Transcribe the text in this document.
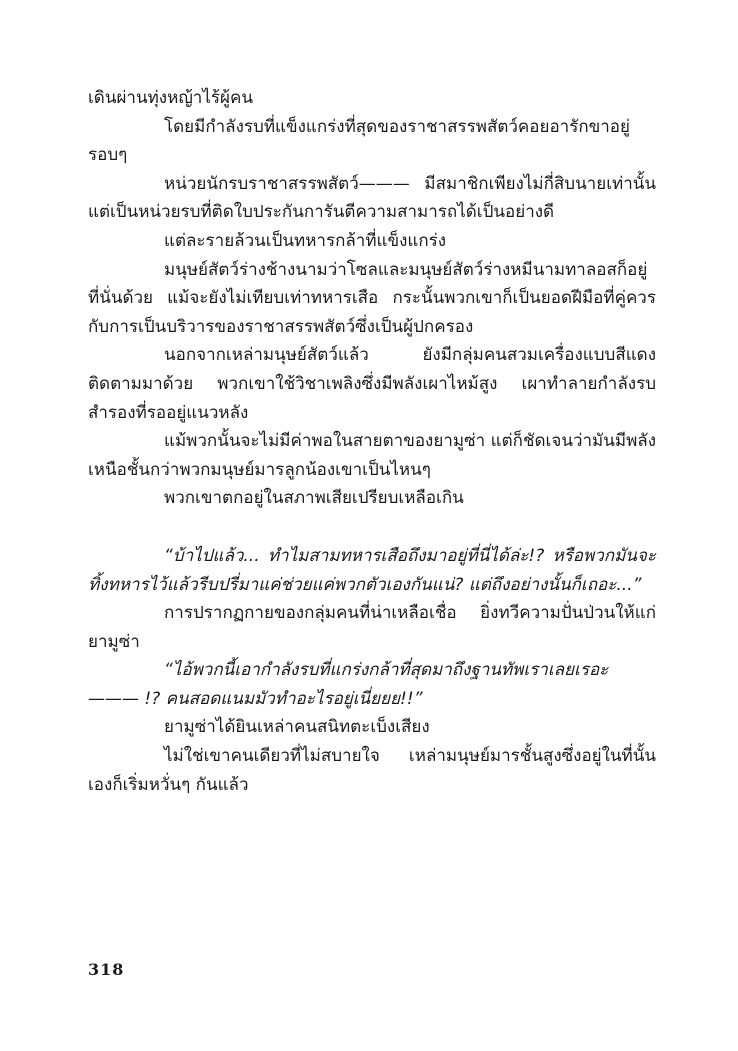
เดินผ่านทุ่งหญ้าไร้ผู้คน

โดยมีกำลังรบที่แข็งแกร่งที่สุดของราชาสรรพสัตว์คอยอารักขาอยู่รอบๆ

หน่วยนักรบราชาสรรพสัตว์——— มีสมาชิกเพียงไม่กี่สิบนายเท่านั้น แต่เป็นหน่วยรบที่ติดใบประกันการันตีความสามารถได้เป็นอย่างดี

แต่ละรายล้วนเป็นทหารกล้าที่แข็งแกร่ง

มนุษย์สัตว์ร่างช้างนามว่าโซลและมนุษย์สัตว์ร่างหมีนามทาลอสก็อยู่ที่นั่นด้วย แม้จะยังไม่เทียบเท่าทหารเสือ กระนั้นพวกเขาก็เป็นยอดฝีมือที่คู่ควรกับการเป็นบริวารของราชาสรรพสัตว์ซึ่งเป็นผู้ปกครอง

นอกจากเหล่ามนุษย์สัตว์แล้ว ยังมีกลุ่มคนสวมเครื่องแบบสีแดงติดตามมาด้วย พวกเขาใช้วิชาเพลิงซึ่งมีพลังเผาไหม้สูง เผาทำลายกำลังรบสำรองที่รออยู่แนวหลัง

แม้พวกนั้นจะไม่มีค่าพอในสายตาของยามูซ่า แต่ก็ชัดเจนว่ามันมีพลังเหนือชั้นกว่าพวกมนุษย์มารลูกน้องเขาเป็นไหนๆ

พวกเขาตกอยู่ในสภาพเสียเปรียบเหลือเกิน

“บ้าไปแล้ว... ทำไมสามทหารเสือถึงมาอยู่ที่นี่ได้ล่ะ!? หรือพวกมันจะทิ้งทหารไว้แล้วรีบปรี่มาแค่ช่วยแค่พวกตัวเองกันแน่? แต่ถึงอย่างนั้นก็เถอะ...”

การปรากฏกายของกลุ่มคนที่น่าเหลือเชื่อ ยิ่งทวีความปั่นป่วนให้แก่ยามูซ่า

“ไอ้พวกนี้เอากำลังรบที่แกร่งกล้าที่สุดมาถึงฐานทัพเราเลยเรอะ——— !? คนสอดแนมมัวทำอะไรอยู่เนี่ยยย!!”

ยามูซ่าได้ยินเหล่าคนสนิทตะเบ็งเสียง

ไม่ใช่เขาคนเดียวที่ไม่สบายใจ เหล่ามนุษย์มารชั้นสูงซึ่งอยู่ในที่นั้นเองก็เริ่มหวั่นๆ กันแล้ว

318
